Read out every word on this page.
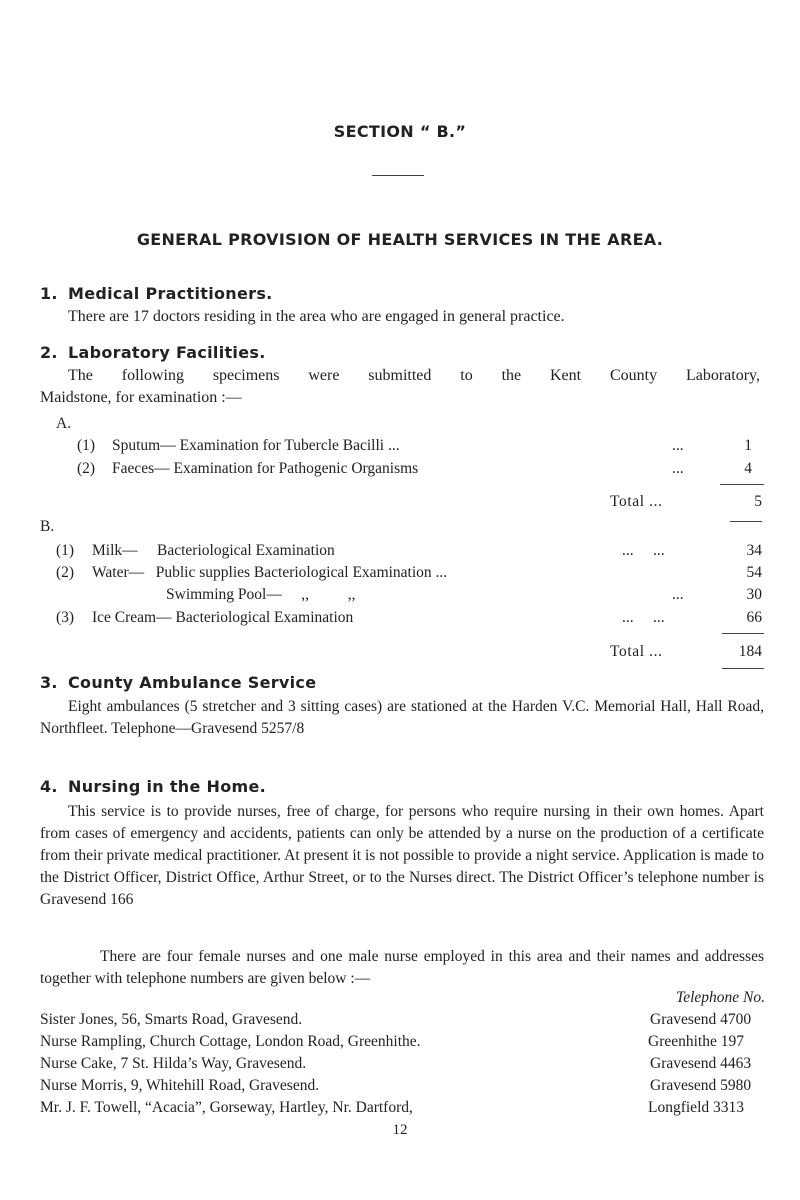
SECTION “ B.”
GENERAL PROVISION OF HEALTH SERVICES IN THE AREA.
1. Medical Practitioners.
There are 17 doctors residing in the area who are engaged in general practice.
2. Laboratory Facilities.
The following specimens were submitted to the Kent County Laboratory,
Maidstone, for examination :—
A.
(1) Sputum— Examination for Tubercle Bacilli ...	...	1
(2) Faeces— Examination for Pathogenic Organisms	...	4
Total ...	5
B.
(1) Milk—     Bacteriological Examination	...     ...	34
(2) Water—   Public supplies Bacteriological Examination ...	54
Swimming Pool—     ,,          ,,	...	30
(3) Ice Cream— Bacteriological Examination	...     ...	66
Total ...	184
3. County Ambulance Service
Eight ambulances (5 stretcher and 3 sitting cases) are stationed at the Harden V.C. Memorial Hall, Hall Road, Northfleet. Telephone—Gravesend 5257/8
4. Nursing in the Home.
This service is to provide nurses, free of charge, for persons who require nursing in their own homes. Apart from cases of emergency and accidents, patients can only be attended by a nurse on the production of a certificate from their private medical practitioner. At present it is not possible to provide a night service. Application is made to the District Officer, District Office, Arthur Street, or to the Nurses direct. The District Officer’s telephone number is Gravesend 166
There are four female nurses and one male nurse employed in this area and their names and addresses together with telephone numbers are given below :—
Telephone No.
Sister Jones, 56, Smarts Road, Gravesend.	Gravesend 4700
Nurse Rampling, Church Cottage, London Road, Greenhithe.	Greenhithe 197
Nurse Cake, 7 St. Hilda’s Way, Gravesend.	Gravesend 4463
Nurse Morris, 9, Whitehill Road, Gravesend.	Gravesend 5980
Mr. J. F. Towell, “Acacia”, Gorseway, Hartley, Nr. Dartford,	Longfield 3313
12
